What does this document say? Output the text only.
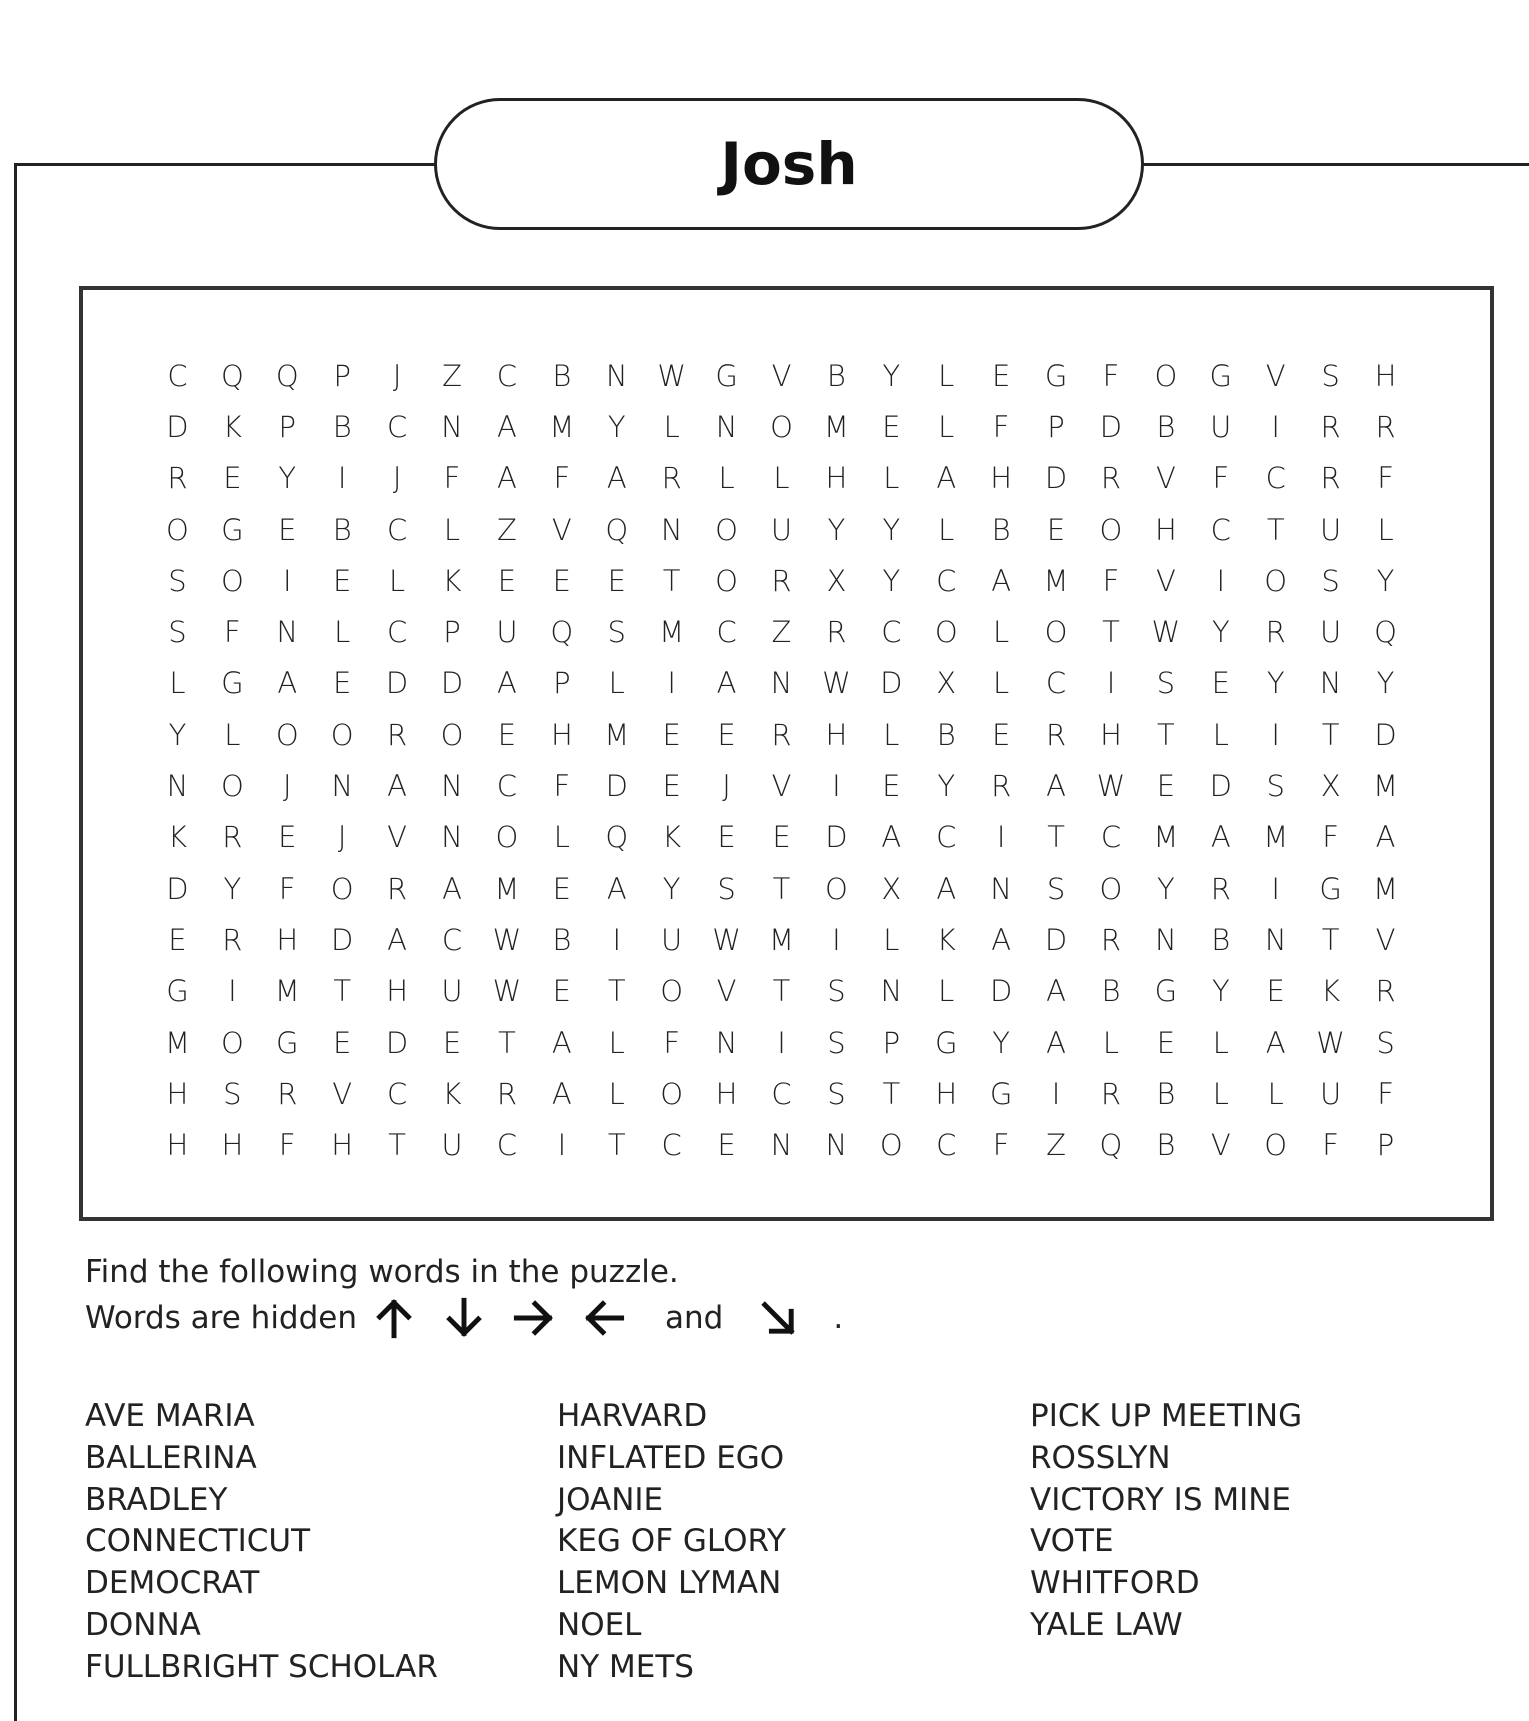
Josh
C	Q	Q	P	J	Z	C	B	N	W	G	V	B	Y	L	E	G	F	O	G	V	S	H
D	K	P	B	C	N	A	M	Y	L	N	O	M	E	L	F	P	D	B	U	I	R	R
R	E	Y	I	J	F	A	F	A	R	L	L	H	L	A	H	D	R	V	F	C	R	F
O	G	E	B	C	L	Z	V	Q	N	O	U	Y	Y	L	B	E	O	H	C	T	U	L
S	O	I	E	L	K	E	E	E	T	O	R	X	Y	C	A	M	F	V	I	O	S	Y
S	F	N	L	C	P	U	Q	S	M	C	Z	R	C	O	L	O	T	W	Y	R	U	Q
L	G	A	E	D	D	A	P	L	I	A	N	W	D	X	L	C	I	S	E	Y	N	Y
Y	L	O	O	R	O	E	H	M	E	E	R	H	L	B	E	R	H	T	L	I	T	D
N	O	J	N	A	N	C	F	D	E	J	V	I	E	Y	R	A	W	E	D	S	X	M
K	R	E	J	V	N	O	L	Q	K	E	E	D	A	C	I	T	C	M	A	M	F	A
D	Y	F	O	R	A	M	E	A	Y	S	T	O	X	A	N	S	O	Y	R	I	G	M
E	R	H	D	A	C	W	B	I	U	W M	I	L	K	A	D	R	N	B	N	T	V
G	I	M	T	H	U	W	E	T	O	V	T	S	N	L	D	A	B	G	Y	E	K	R
M	O	G	E	D	E	T	A	L	F	N	I	S	P	G	Y	A	L	E	L	A	W	S
H	S	R	V	C	K	R	A	L	O	H	C	S	T	H	G	I	R	B	L	L	U	F
H	H	F	H	T	U	C	I	T	C	E	N	N	O	C	F	Z	Q	B	V	O	F	P
Find the following words in the puzzle.
Words are hidden	and	.
AVE MARIA
BALLERINA
BRADLEY
CONNECTICUT
DEMOCRAT
DONNA
FULLBRIGHT SCHOLAR
HARVARD
INFLATED EGO
JOANIE
KEG OF GLORY
LEMON LYMAN
NOEL
NY METS
PICK UP MEETING
ROSSLYN
VICTORY IS MINE
VOTE
WHITFORD
YALE LAW
